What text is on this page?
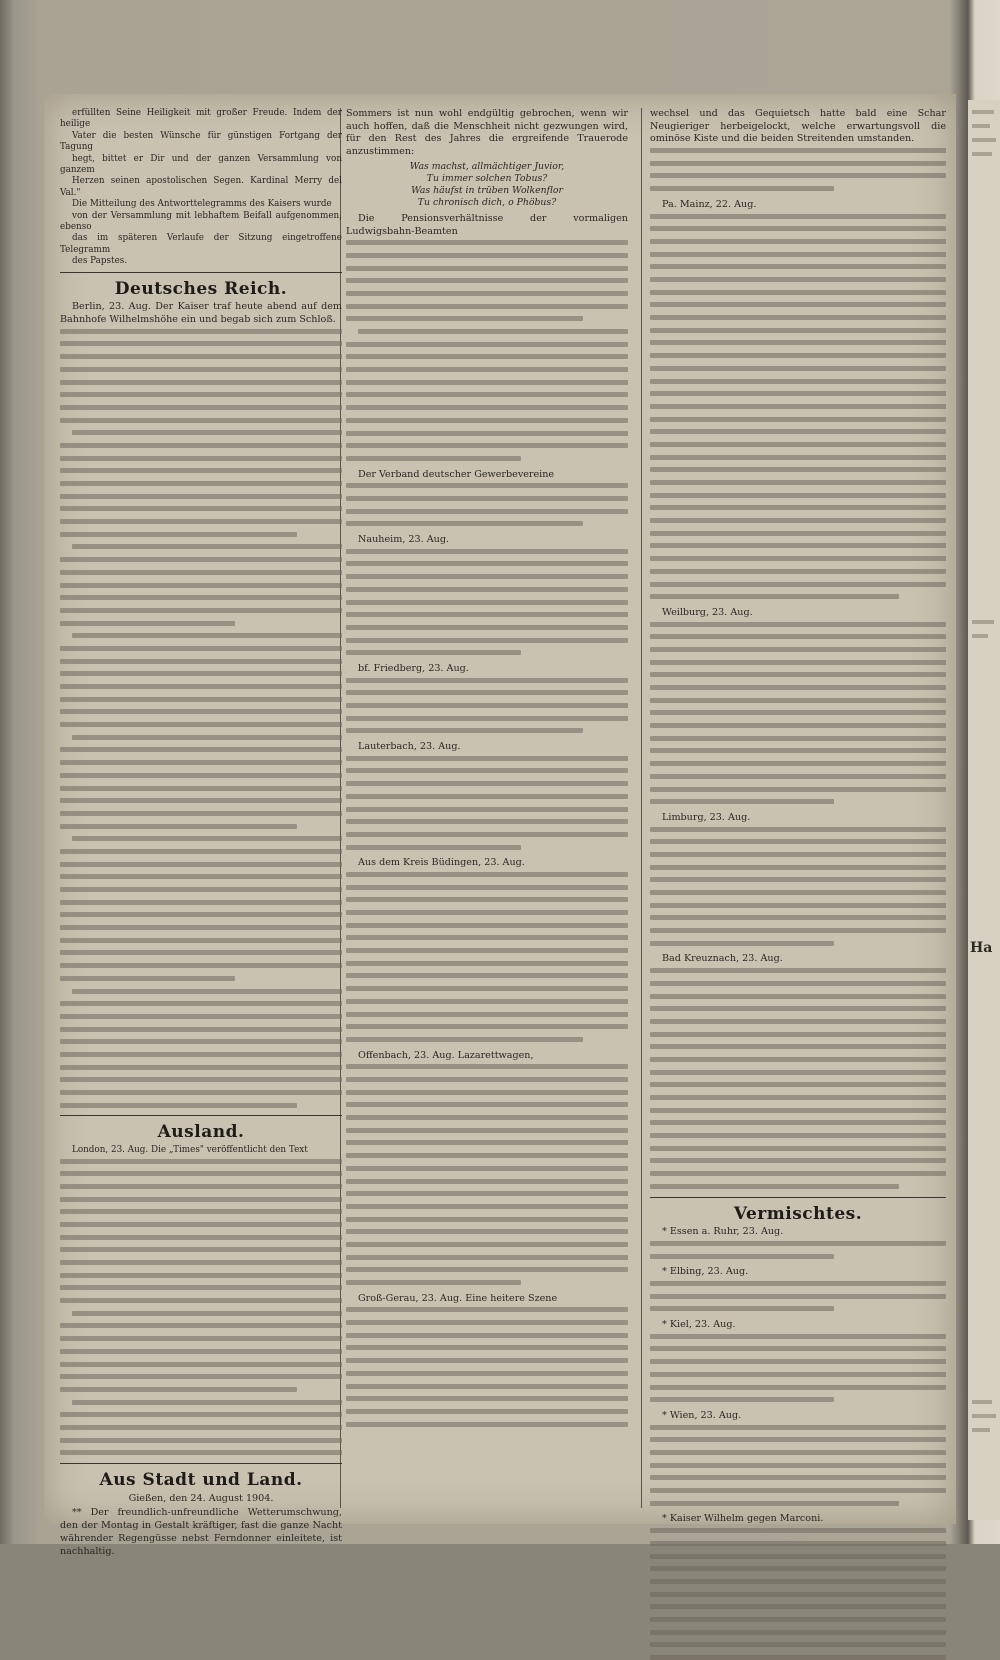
erfüllten Seine Heiligkeit mit großer Freude. Indem der heilige
Vater die besten Wünsche für günstigen Fortgang der Tagung
hegt, bittet er Dir und der ganzen Versammlung von ganzem
Herzen seinen apostolischen Segen. Kardinal Merry del Val."
Die Mitteilung des Antworttelegramms des Kaisers wurde
von der Versammlung mit lebhaftem Beifall aufgenommen, ebenso
das im späteren Verlaufe der Sitzung eingetroffene Telegramm
des Papstes.
Deutsches Reich.
Berlin, 23. Aug. Der Kaiser traf heute abend auf dem Bahnhofe Wilhelmshöhe ein und begab sich zum Schloß.
Ausland.
London, 23. Aug. Die „Times" veröffentlicht den Text
Aus Stadt und Land.
Gießen, den 24. August 1904.
** Der freundlich-unfreundliche Wetterumschwung, den der Montag in Gestalt kräftiger, fast die ganze Nacht währender Regengüsse nebst Ferndonner einleitete, ist nachhaltig.
Sommers ist nun wohl endgültig gebrochen, wenn wir auch hoffen, daß die Menschheit nicht gezwungen wird, für den Rest des Jahres die ergreifende Trauerode anzustimmen:
Was machst, allmächtiger Juvior,
Tu immer solchen Tobus?
Was häufst in trüben Wolkenflor
Tu chronisch dich, o Phöbus?
Die Pensionsverhältnisse der vormaligen Ludwigsbahn-Beamten
Der Verband deutscher Gewerbevereine
Nauheim, 23. Aug.
bf. Friedberg, 23. Aug.
Lauterbach, 23. Aug.
Aus dem Kreis Büdingen, 23. Aug.
Offenbach, 23. Aug. Lazarettwagen,
Groß-Gerau, 23. Aug. Eine heitere Szene
wechsel und das Gequietsch hatte bald eine Schar Neugieriger herbeigelockt, welche erwartungsvoll die ominöse Kiste und die beiden Streitenden umstanden.
Pa. Mainz, 22. Aug.
Weilburg, 23. Aug.
Limburg, 23. Aug.
Bad Kreuznach, 23. Aug.
Vermischtes.
* Essen a. Ruhr, 23. Aug.
* Elbing, 23. Aug.
* Kiel, 23. Aug.
* Wien, 23. Aug.
* Kaiser Wilhelm gegen Marconi.
Ha
